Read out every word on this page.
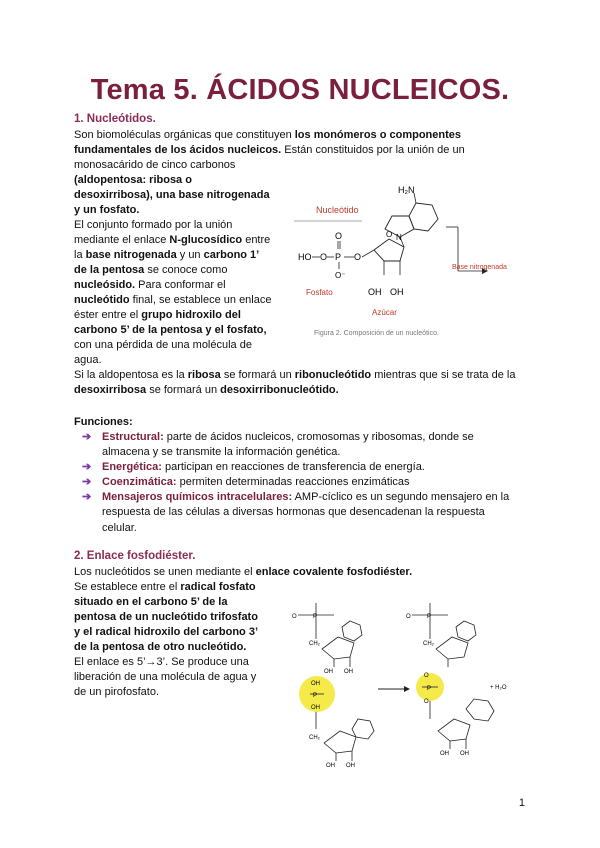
Tema 5. ÁCIDOS NUCLEICOS.
1. Nucleótidos.
Son biomoléculas orgánicas que constituyen los monómeros o componentes
fundamentales de los ácidos nucleicos. Están constituidos por la unión de un
monosacárido de cinco carbonos
(aldopentosa: ribosa o
desoxirribosa), una base nitrogenada
y un fosfato.
El conjunto formado por la unión
mediante el enlace N-glucosídico entre
la base nitrogenada y un carbono 1’
de la pentosa se conoce como
nucleósido. Para conformar el
nucleótido final, se establece un enlace
éster entre el grupo hidroxilo del
carbono 5’ de la pentosa y el fosfato,
con una pérdida de una molécula de
agua.
Si la aldopentosa es la ribosa se formará un ribonucleótido mientras que si se trata de la
desoxirribosa se formará un desoxirribonucleótido.
Nucleótido
HO O P
O
O⁻
O
O
OH OH
Fosfato
Azúcar
N
H₂N
Base nitrogenada
Figura 2. Composición de un nucleótico.
Funciones:
➔ Estructural: parte de ácidos nucleicos, cromosomas y ribosomas, donde se
almacena y se transmite la información genética.
➔ Energética: participan en reacciones de transferencia de energía.
➔ Coenzimática: permiten determinadas reacciones enzimáticas
➔ Mensajeros químicos intracelulares: AMP-cíclico es un segundo mensajero en la
respuesta de las células a diversas hormonas que desencadenan la respuesta
celular.
2. Enlace fosfodiéster.
Los nucleótidos se unen mediante el enlace covalente fosfodiéster.
Se establece entre el radical fosfato
situado en el carbono 5’ de la
pentosa de un nucleótido trifosfato
y el radical hidroxilo del carbono 3’
de la pentosa de otro nucleótido.
El enlace es 5’→3’. Se produce una
liberación de una molécula de agua y
de un pirofosfato.
O	P
CH₂
OH OH
P
OH
OH
CH₂
OH OH
O	P
CH₂
P
O
O
OH OH
+ H₂O
1
